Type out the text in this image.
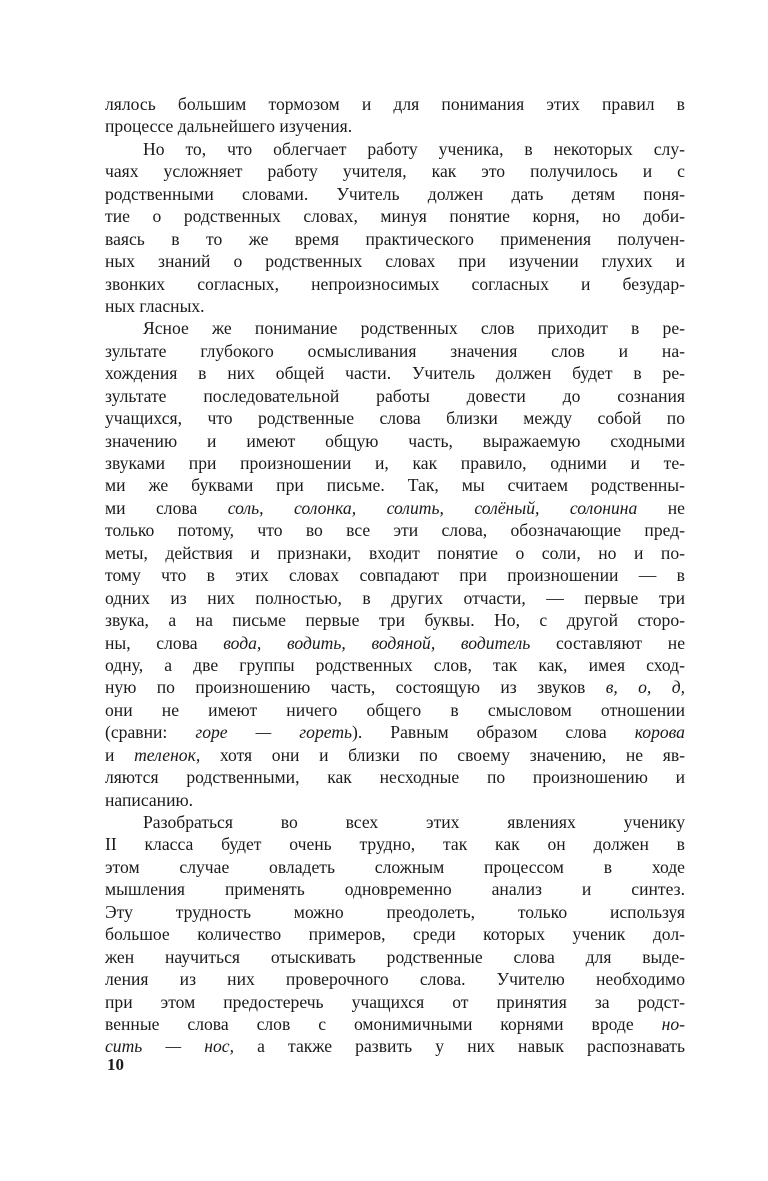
лялось большим тормозом и для понимания этих правил в
процессе дальнейшего изучения.
Но то, что облегчает работу ученика, в некоторых слу-
чаях усложняет работу учителя, как это получилось и с
родственными словами. Учитель должен дать детям поня-
тие о родственных словах, минуя понятие корня, но доби-
ваясь в то же время практического применения получен-
ных знаний о родственных словах при изучении глухих и
звонких согласных, непроизносимых согласных и безудар-
ных гласных.
Ясное же понимание родственных слов приходит в ре-
зультате глубокого осмысливания значения слов и на-
хождения в них общей части. Учитель должен будет в ре-
зультате последовательной работы довести до сознания
учащихся, что родственные слова близки между собой по
значению и имеют общую часть, выражаемую сходными
звуками при произношении и, как правило, одними и те-
ми же буквами при письме. Так, мы считаем родственны-
ми слова соль, солонка, солить, солёный, солонина не
только потому, что во все эти слова, обозначающие пред-
меты, действия и признаки, входит понятие о соли, но и по-
тому что в этих словах совпадают при произношении — в
одних из них полностью, в других отчасти, — первые три
звука, а на письме первые три буквы. Но, с другой сторо-
ны, слова вода, водить, водяной, водитель составляют не
одну, а две группы родственных слов, так как, имея сход-
ную по произношению часть, состоящую из звуков в, о, д,
они не имеют ничего общего в смысловом отношении
(сравни: горе — гореть). Равным образом слова корова
и теленок, хотя они и близки по своему значению, не яв-
ляются родственными, как несходные по произношению и
написанию.
Разобраться во всех этих явлениях ученику
II класса будет очень трудно, так как он должен в
этом случае овладеть сложным процессом в ходе
мышления применять одновременно анализ и синтез.
Эту трудность можно преодолеть, только используя
большое количество примеров, среди которых ученик дол-
жен научиться отыскивать родственные слова для выде-
ления из них проверочного слова. Учителю необходимо
при этом предостеречь учащихся от принятия за родст-
венные слова слов с омонимичными корнями вроде но-
сить — нос, а также развить у них навык распознавать
10
